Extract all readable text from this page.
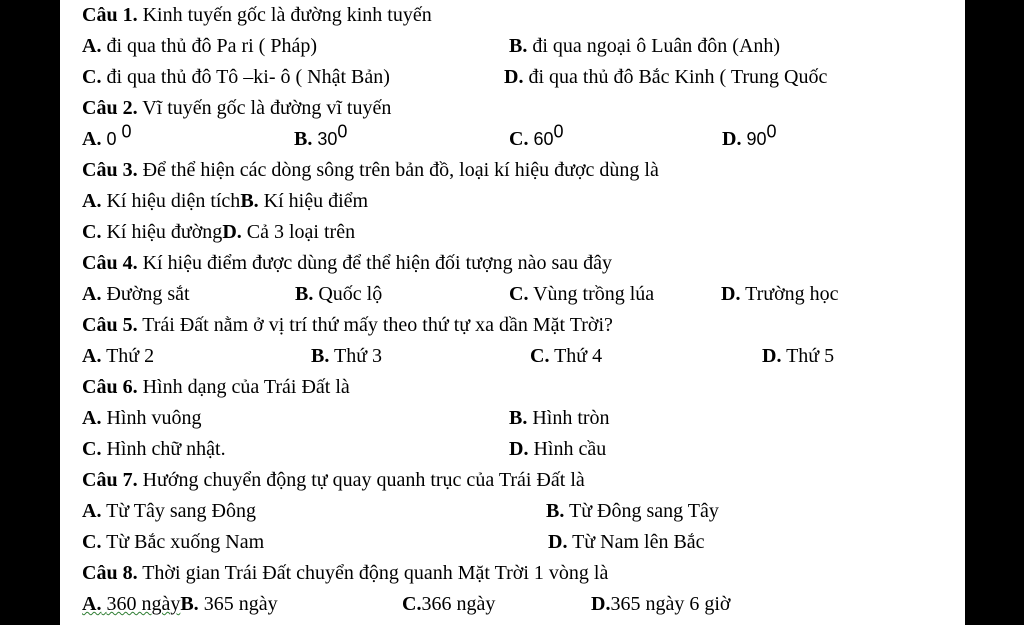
Câu 1. Kinh tuyến gốc là đường kinh tuyến
A. đi qua thủ đô Pa ri ( Pháp)	B. đi qua ngoại ô Luân đôn (Anh)
C. đi qua thủ đô Tô –ki- ô ( Nhật Bản)	D. đi qua thủ đô Bắc Kinh ( Trung Quốc
Câu 2. Vĩ tuyến gốc là đường vĩ tuyến
A. 0 $^0$	B. $30^0$	C. $60^0$	D. $90^0$
Câu 3. Để thể hiện các dòng sông trên bản đồ, loại kí hiệu được dùng là
A. Kí hiệu diện tíchB. Kí hiệu điểm
C. Kí hiệu đườngD. Cả 3 loại trên
Câu 4. Kí hiệu điểm được dùng để thể hiện đối tượng nào sau đây
A. Đường sắt	B. Quốc lộ	C. Vùng trồng lúa	D. Trường học
Câu 5. Trái Đất nằm ở vị trí thứ mấy theo thứ tự xa dần Mặt Trời?
A. Thứ 2	B. Thứ 3	C. Thứ 4	D. Thứ 5
Câu 6. Hình dạng của Trái Đất là
A. Hình vuông	B. Hình tròn
C. Hình chữ nhật.	D. Hình cầu
Câu 7. Hướng chuyển động tự quay quanh trục của Trái Đất là
A. Từ Tây sang Đông	B. Từ Đông sang Tây
C. Từ Bắc xuống Nam	D. Từ Nam lên Bắc
Câu 8. Thời gian Trái Đất chuyển động quanh Mặt Trời 1 vòng là
A. 360 ngàyB. 365 ngày	C.366 ngày	D.365 ngày 6 giờ
